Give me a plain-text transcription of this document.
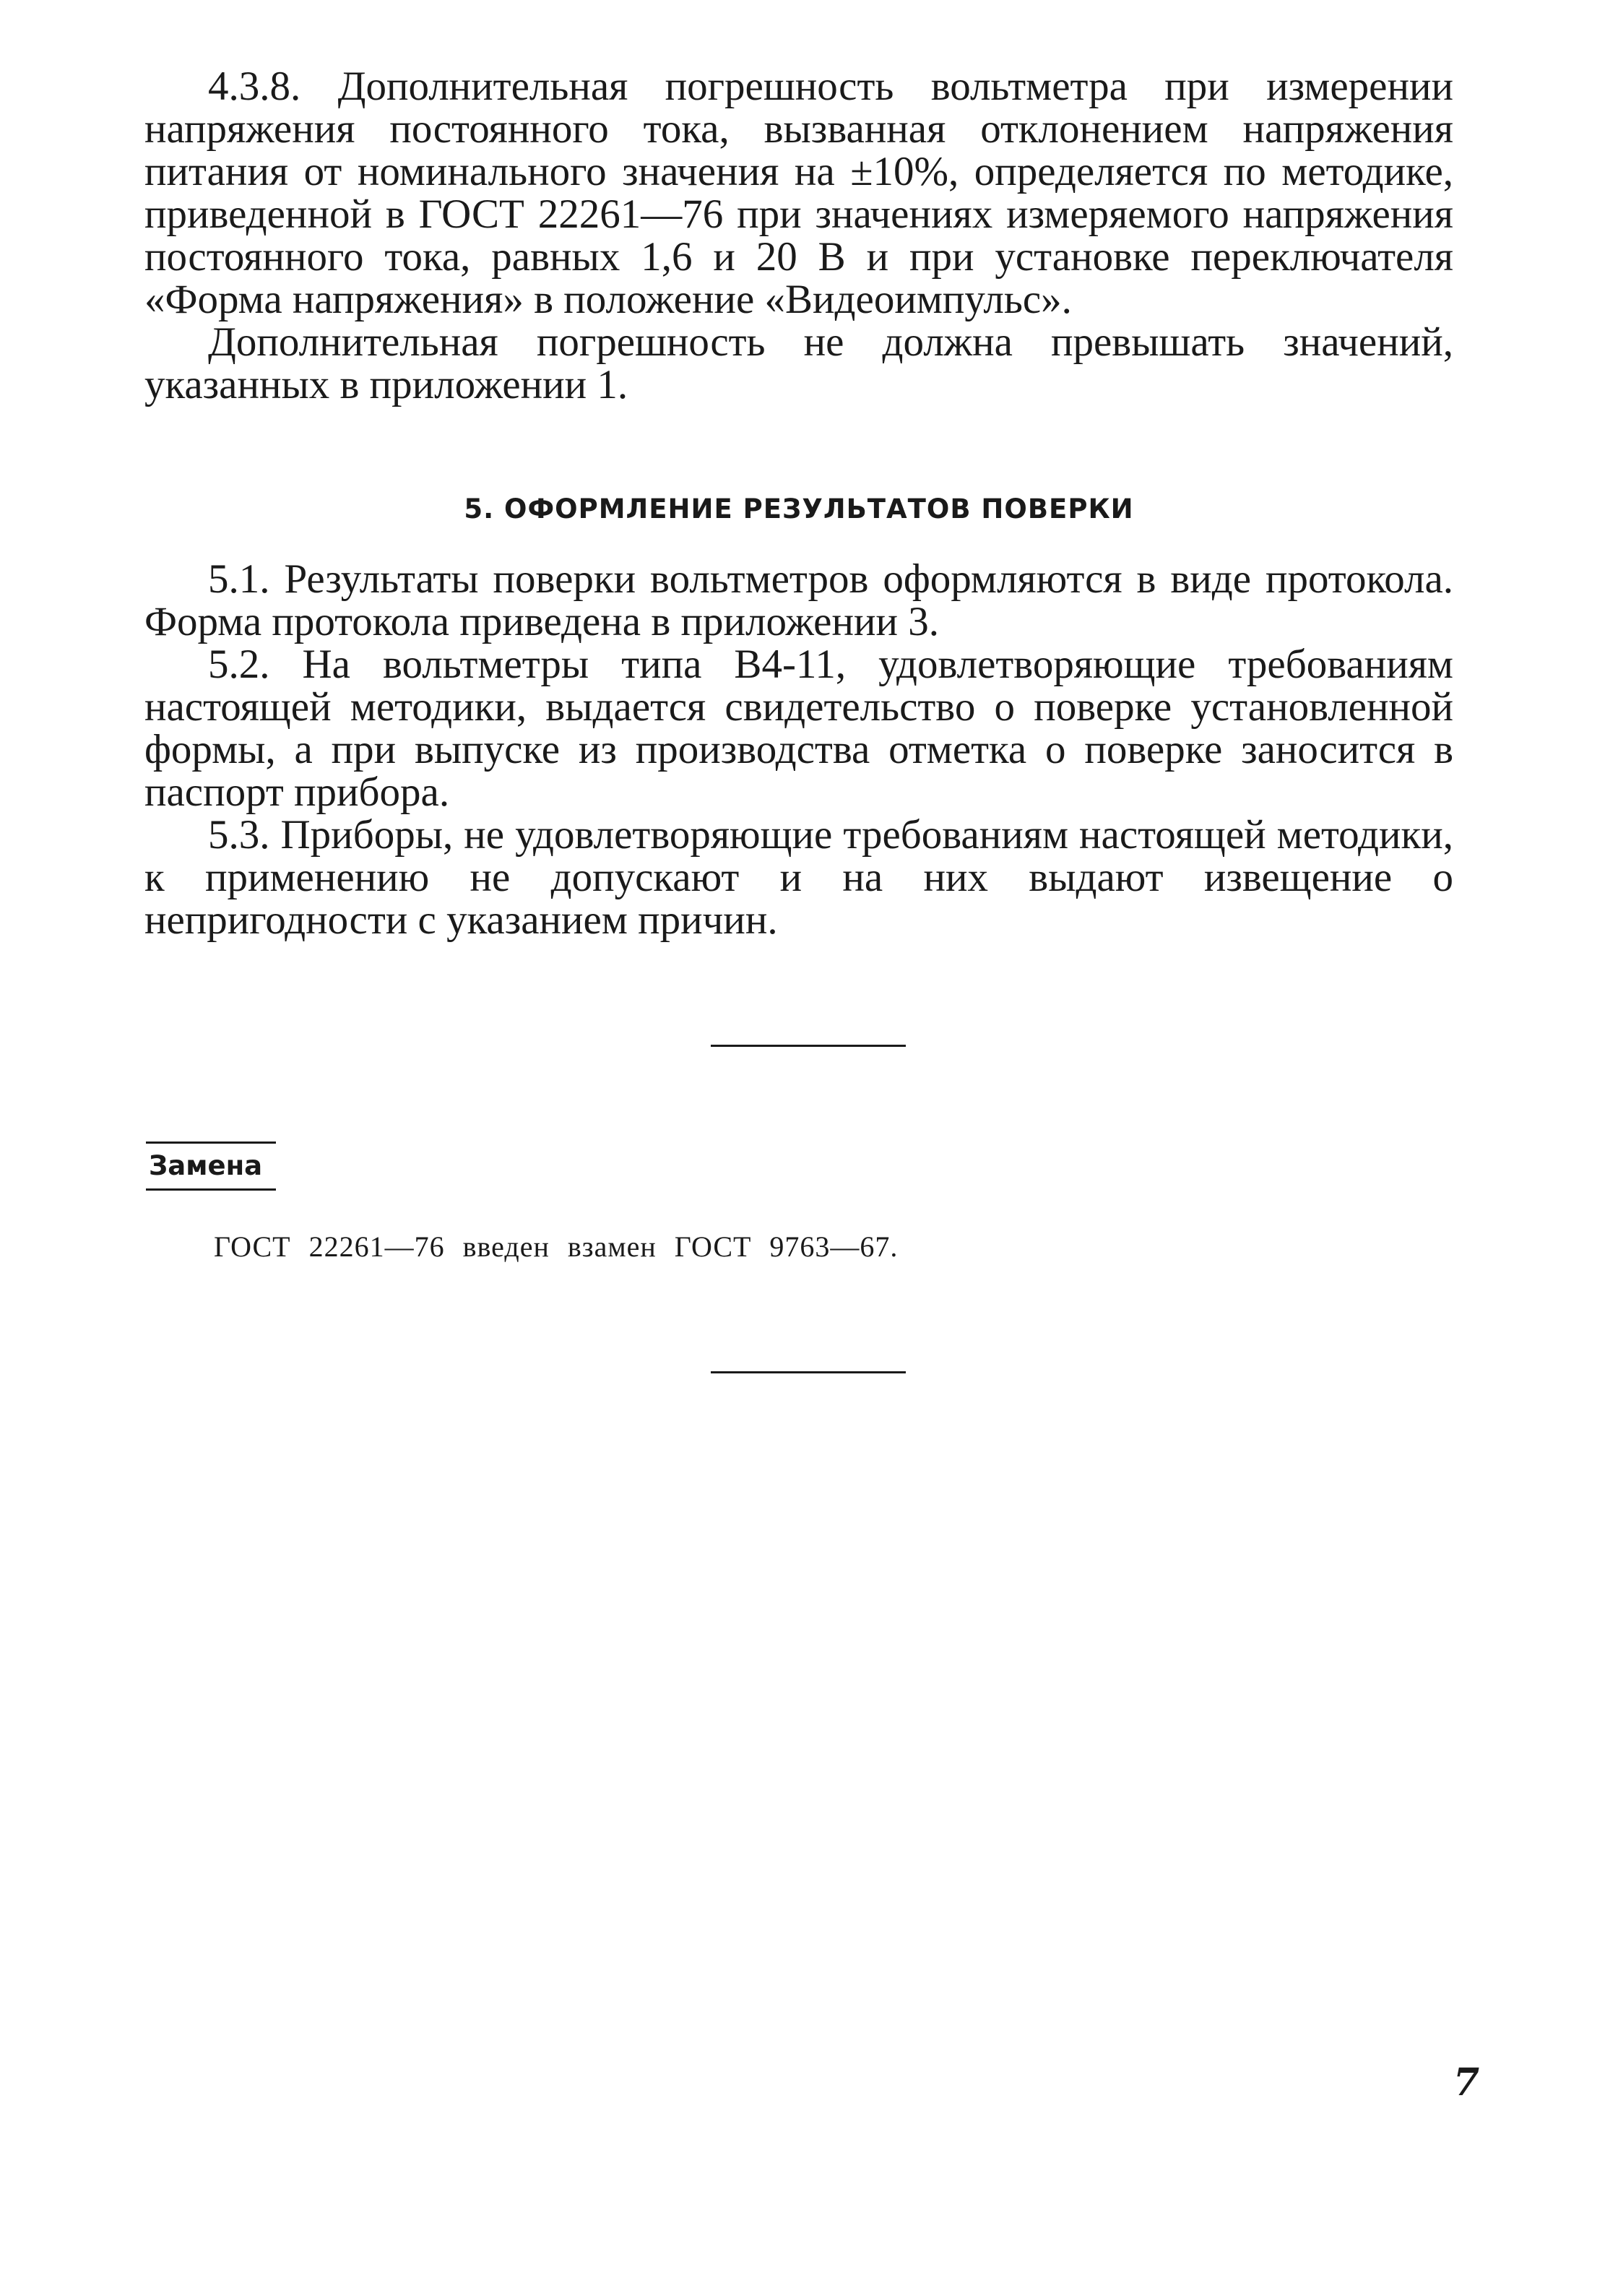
4.3.8. Дополнительная погрешность вольтметра при измерении напряжения постоянного тока, вызванная отклонением напряжения питания от номинального значения на ±10%, определяется по методике, приведенной в ГОСТ 22261—76 при значениях измеряемого напряжения постоянного тока, равных 1,6 и 20 В и при установке переключателя «Форма напряжения» в положение «Видеоимпульс».

Дополнительная погрешность не должна превышать значений, указанных в приложении 1.

5. ОФОРМЛЕНИЕ РЕЗУЛЬТАТОВ ПОВЕРКИ

5.1. Результаты поверки вольтметров оформляются в виде протокола. Форма протокола приведена в приложении 3.

5.2. На вольтметры типа В4-11, удовлетворяющие требованиям настоящей методики, выдается свидетельство о поверке установленной формы, а при выпуске из производства отметка о поверке заносится в паспорт прибора.

5.3. Приборы, не удовлетворяющие требованиям настоящей методики, к применению не допускают и на них выдают извещение о непригодности с указанием причин.

Замена
ГОСТ 22261—76 введен взамен ГОСТ 9763—67.
7
